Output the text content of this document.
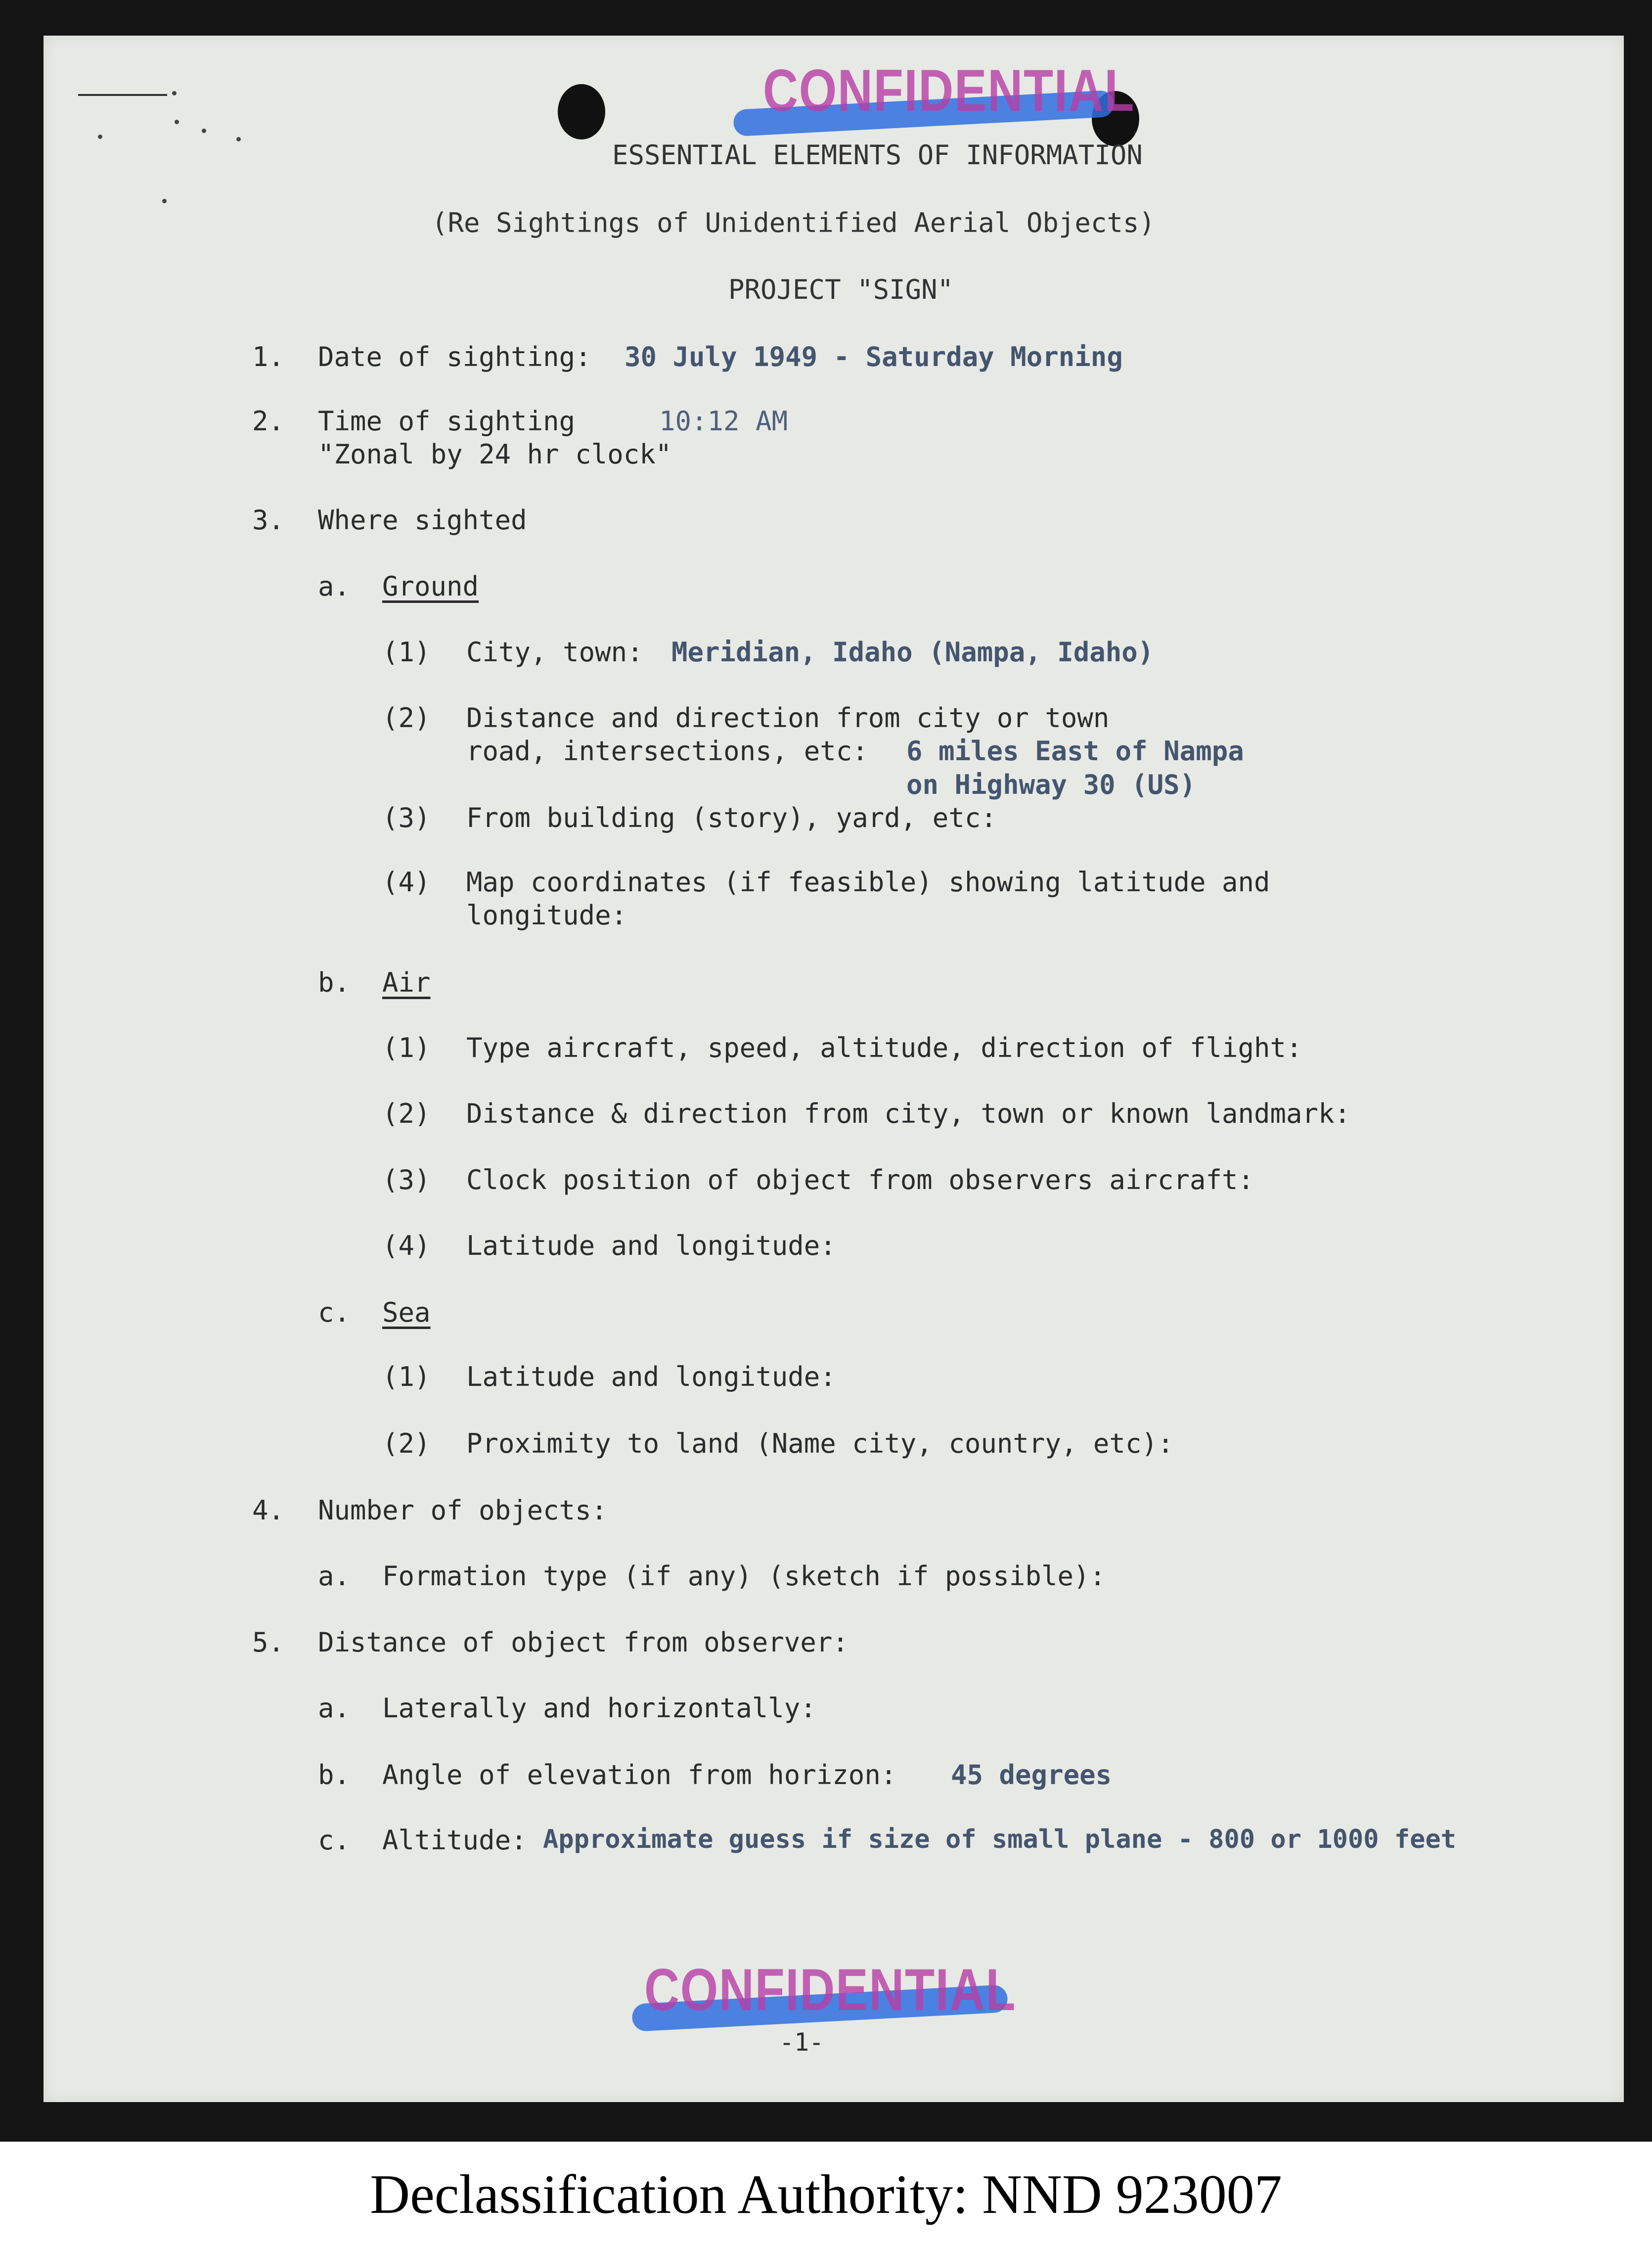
CONFIDENTIAL
ESSENTIAL ELEMENTS OF INFORMATION
(Re Sightings of Unidentified Aerial Objects)
PROJECT "SIGN"
1. Date of sighting: 30 July 1949 - Saturday Morning
2. Time of sighting	10:12 AM
"Zonal by 24 hr clock"
3. Where sighted
a. Ground
(1) City, town: Meridian, Idaho (Nampa, Idaho)
(2) Distance and direction from city or town
road, intersections, etc: 6 miles East of Nampa
on Highway 30 (US)
(3) From building (story), yard, etc:
(4) Map coordinates (if feasible) showing latitude and
longitude:
b. Air
(1) Type aircraft, speed, altitude, direction of flight:
(2) Distance & direction from city, town or known landmark:
(3) Clock position of object from observers aircraft:
(4) Latitude and longitude:
c. Sea
(1) Latitude and longitude:
(2) Proximity to land (Name city, country, etc):
4. Number of objects:
a. Formation type (if any) (sketch if possible):
5. Distance of object from observer:
a. Laterally and horizontally:
b. Angle of elevation from horizon: 45 degrees
c. Altitude: Approximate guess if size of small plane - 800 or 1000 feet
CONFIDENTIAL
-1-
Declassification Authority: NND 923007
